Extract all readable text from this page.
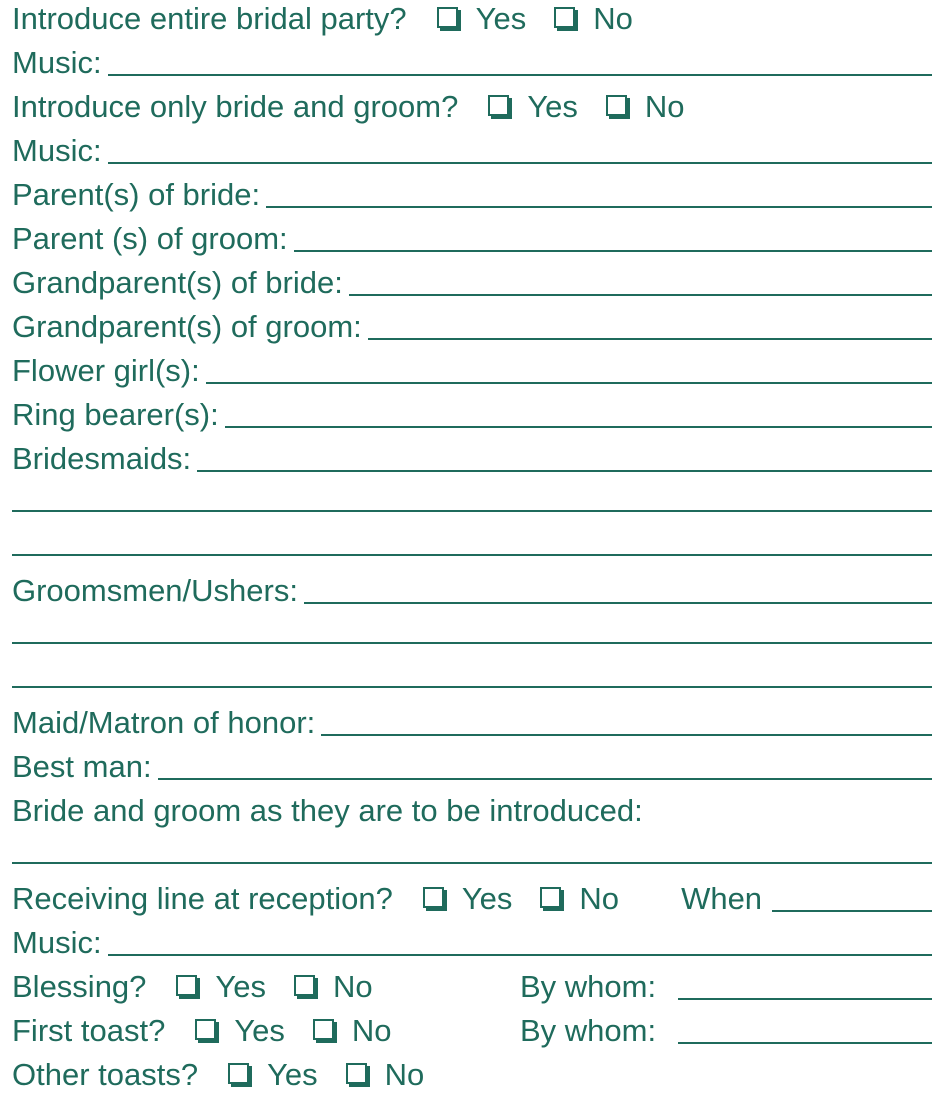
Introduce entire bridal party? Yes No
Music:
Introduce only bride and groom? Yes No
Music:
Parent(s) of bride:
Parent (s) of groom:
Grandparent(s) of bride:
Grandparent(s) of groom:
Flower girl(s):
Ring bearer(s):
Bridesmaids:
Groomsmen/Ushers:
Maid/Matron of honor:
Best man:
Bride and groom as they are to be introduced:
Receiving line at reception? Yes No When
Music:
Blessing? Yes No	By whom:
First toast? Yes No	By whom:
Other toasts? Yes No
